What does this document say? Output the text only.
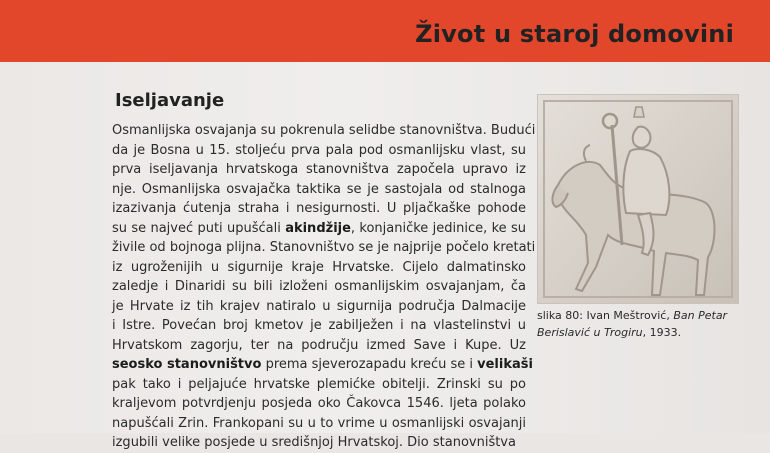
Život u staroj domovini
Iseljavanje
Osmanlijska osvajanja su pokrenula selidbe stanovništva. Budući
da je Bosna u 15. stoljeću prva pala pod osmanlijsku vlast, su
prva iseljavanja hrvatskoga stanovništva započela upravo iz
nje. Osmanlijska osvajačka taktika se je sastojala od stalnoga
izazivanja ćutenja straha i nesigurnosti. U pljačkaške pohode
su se najveć puti upušćali akindžije, konjaničke jedinice, ke su
živile od bojnoga plijna. Stanovništvo se je najprije počelo kretati
iz ugroženijih u sigurnije kraje Hrvatske. Cijelo dalmatinsko
zaledje i Dinaridi su bili izloženi osmanlijskim osvajanjam, ča
je Hrvate iz tih krajev natiralo u sigurnija područja Dalmacije
i Istre. Povećan broj kmetov je zabilježen i na vlastelinstvi u
Hrvatskom zagorju, ter na području izmed Save i Kupe. Uz
seosko stanovništvo prema sjeverozapadu kreću se i velikaši
pak tako i peljajuće hrvatske plemićke obitelji. Zrinski su po
kraljevom potvrdjenju posjeda oko Čakovca 1546. ljeta polako
napušćali Zrin. Frankopani su u to vrime u osmanlijski osvajanji
izgubili velike posjede u središnjoj Hrvatskoj. Dio stanovništva
slika 80: Ivan Meštrović, Ban Petar Berislavić u Trogiru, 1933.
